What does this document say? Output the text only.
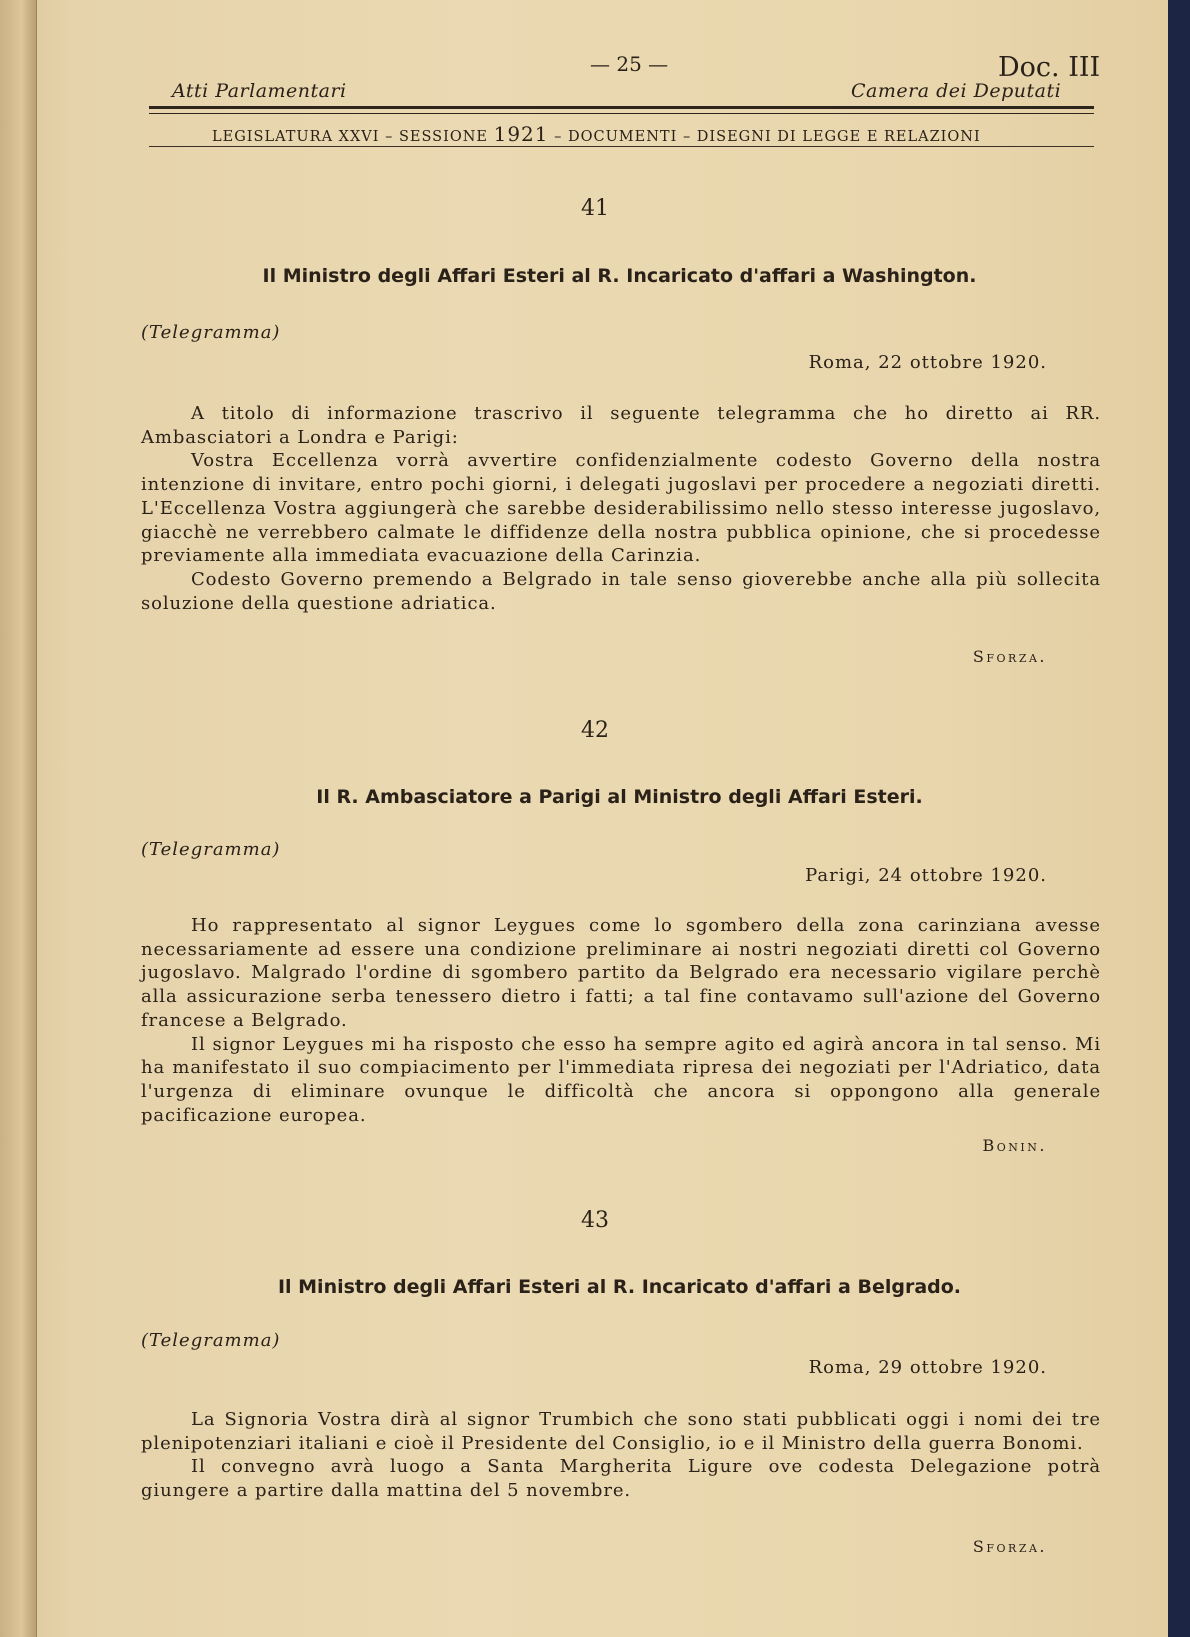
Atti Parlamentari
— 25 —	Doc. III
Camera dei Deputati
LEGISLATURA XXVI – SESSIONE 1921 – DOCUMENTI – DISEGNI DI LEGGE E RELAZIONI
41
Il Ministro degli Affari Esteri al R. Incaricato d'affari a Washington.
(Telegramma)
Roma, 22 ottobre 1920.

A titolo di informazione trascrivo il seguente telegramma che ho diretto ai RR. Ambasciatori a Londra e Parigi:

Vostra Eccellenza vorrà avvertire confidenzialmente codesto Governo della nostra intenzione di invitare, entro pochi giorni, i delegati jugoslavi per procedere a negoziati diretti. L'Eccellenza Vostra aggiungerà che sarebbe desiderabilissimo nello stesso interesse jugoslavo, giacchè ne verrebbero calmate le diffidenze della nostra pubblica opinione, che si procedesse previamente alla immediata evacuazione della Carinzia.

Codesto Governo premendo a Belgrado in tale senso gioverebbe anche alla più sollecita soluzione della questione adriatica.

Sforza.
42
Il R. Ambasciatore a Parigi al Ministro degli Affari Esteri.
(Telegramma)
Parigi, 24 ottobre 1920.

Ho rappresentato al signor Leygues come lo sgombero della zona carinziana avesse necessariamente ad essere una condizione preliminare ai nostri negoziati diretti col Governo jugoslavo. Malgrado l'ordine di sgombero partito da Belgrado era necessario vigilare perchè alla assicurazione serba tenessero dietro i fatti; a tal fine contavamo sull'azione del Governo francese a Belgrado.

Il signor Leygues mi ha risposto che esso ha sempre agito ed agirà ancora in tal senso. Mi ha manifestato il suo compiacimento per l'immediata ripresa dei negoziati per l'Adriatico, data l'urgenza di eliminare ovunque le difficoltà che ancora si oppongono alla generale pacificazione europea.

Bonin.
43
Il Ministro degli Affari Esteri al R. Incaricato d'affari a Belgrado.
(Telegramma)
Roma, 29 ottobre 1920.

La Signoria Vostra dirà al signor Trumbich che sono stati pubblicati oggi i nomi dei tre plenipotenziari italiani e cioè il Presidente del Consiglio, io e il Ministro della guerra Bonomi.

Il convegno avrà luogo a Santa Margherita Ligure ove codesta Delegazione potrà giungere a partire dalla mattina del 5 novembre.

Sforza.
